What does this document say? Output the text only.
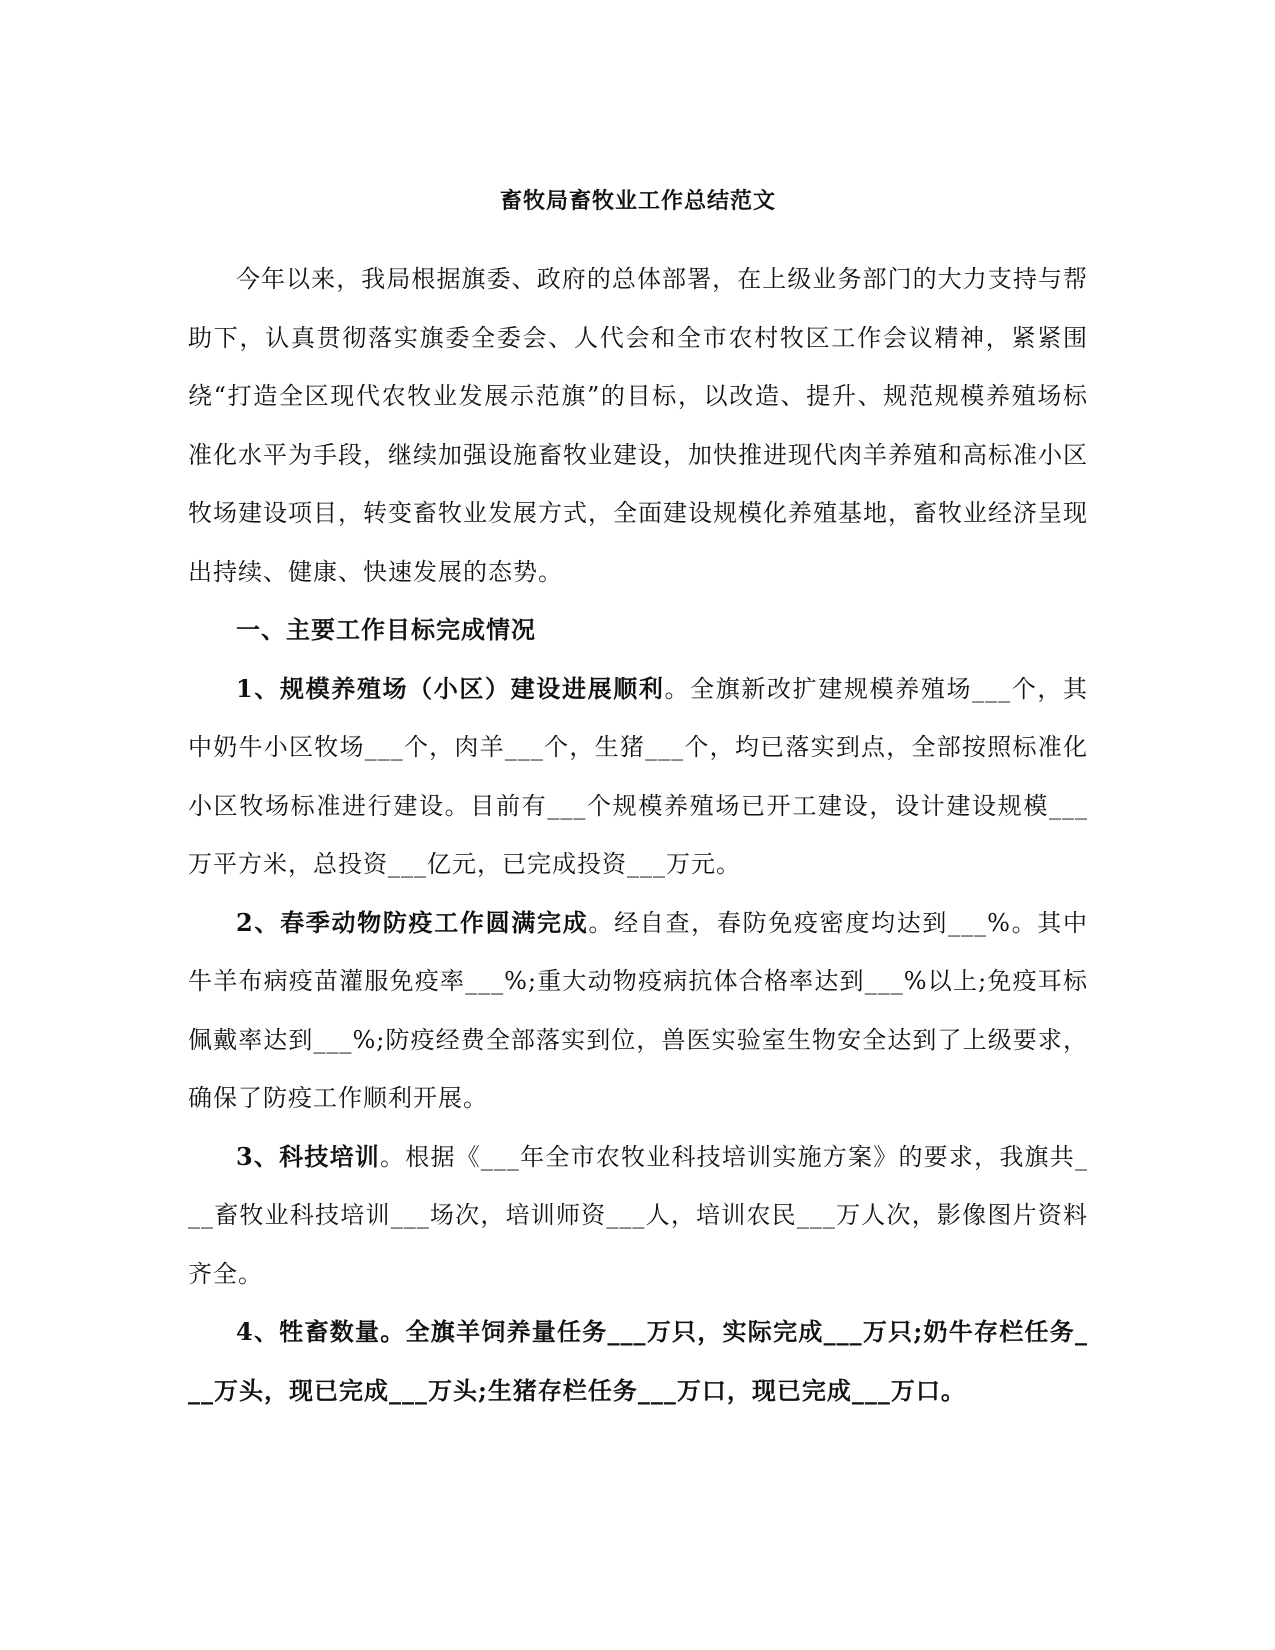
畜牧局畜牧业工作总结范文

今年以来，我局根据旗委、政府的总体部署，在上级业务部门的大力支持与帮助下，认真贯彻落实旗委全委会、人代会和全市农村牧区工作会议精神，紧紧围绕“打造全区现代农牧业发展示范旗”的目标，以改造、提升、规范规模养殖场标准化水平为手段，继续加强设施畜牧业建设，加快推进现代肉羊养殖和高标准小区牧场建设项目，转变畜牧业发展方式，全面建设规模化养殖基地，畜牧业经济呈现出持续、健康、快速发展的态势。

一、主要工作目标完成情况

1、规模养殖场（小区）建设进展顺利。全旗新改扩建规模养殖场___个，其中奶牛小区牧场___个，肉羊___个，生猪___个，均已落实到点，全部按照标准化小区牧场标准进行建设。目前有___个规模养殖场已开工建设，设计建设规模___万平方米，总投资___亿元，已完成投资___万元。

2、春季动物防疫工作圆满完成。经自查，春防免疫密度均达到___%。其中牛羊布病疫苗灌服免疫率___%;重大动物疫病抗体合格率达到___%以上;免疫耳标佩戴率达到___%;防疫经费全部落实到位，兽医实验室生物安全达到了上级要求，确保了防疫工作顺利开展。

3、科技培训。根据《___年全市农牧业科技培训实施方案》的要求，我旗共___畜牧业科技培训___场次，培训师资___人，培训农民___万人次，影像图片资料齐全。

4、牲畜数量。全旗羊饲养量任务___万只，实际完成___万只;奶牛存栏任务___万头，现已完成___万头;生猪存栏任务___万口，现已完成___万口。
